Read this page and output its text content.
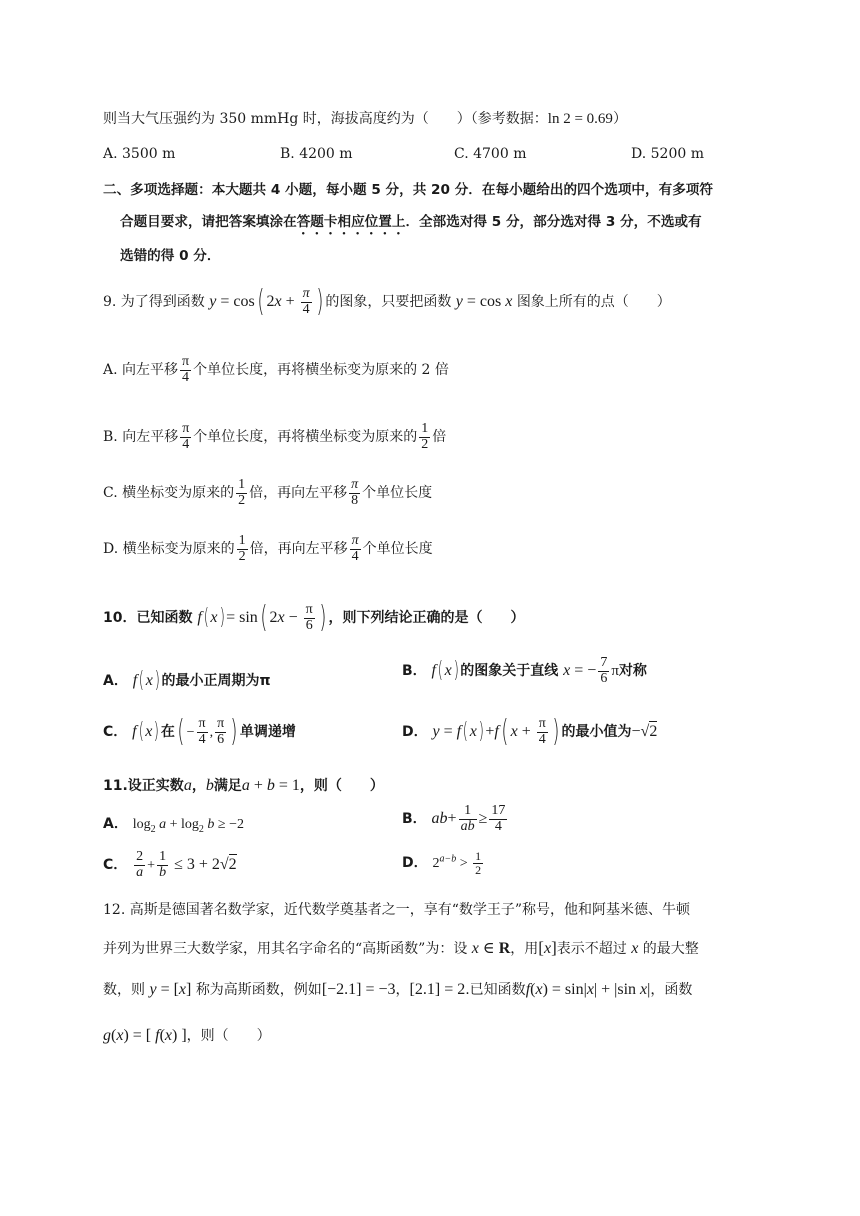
则当大气压强约为 350 mmHg 时，海拔高度约为（　　）（参考数据：ln 2 = 0.69）
A. 3500 m	B. 4200 m	C. 4700 m	D. 5200 m
二、多项选择题：本大题共 4 小题，每小题 5 分，共 20 分．在每小题给出的四个选项中，有多项符
合题目要求，请把答案填涂在答题卡相应位置上．全部选对得 5 分，部分选对得 3 分，不选或有
选错的得 0 分．
9. 为了得到函数 y = cos( $2x + \frac{\pi}{4}$ ) 的图象，只要把函数 y = cos x 图象上所有的点（　　）
A. 向左平移 $\frac{\pi}{4}$ 个单位长度，再将横坐标变为原来的 2 倍
B. 向左平移 $\frac{\pi}{4}$ 个单位长度，再将横坐标变为原来的 $\frac{1}{2}$ 倍
C. 横坐标变为原来的 $\frac{1}{2}$ 倍，再向左平移 $\frac{\pi}{8}$ 个单位长度
D. 横坐标变为原来的 $\frac{1}{2}$ 倍，再向左平移 $\frac{\pi}{4}$ 个单位长度
10．已知函数 f( x) = sin( $2x - \frac{\pi}{6}$ ) ，则下列结论正确的是（　　）
A． f( x) 的最小正周期为π
B． f( x) 的图象关于直线 x = − $\frac{7}{6}$ π对称
C． f( x) 在( − $\frac{\pi}{4}$ , $\frac{\pi}{6}$ ) 单调递增	D． y = f( x) +f( $x + \frac{\pi}{4}$ ) 的最小值为−√2
11.设正实数a，b满足a + b = 1，则（　　）
A． $\log_2 a + \log_2 b \ge -2$	B． $ab+ \frac{1}{ab} \ge \frac{17}{4}$
C． $\frac{2}{a} + \frac{1}{b} \le 3 + 2√2$	D． $2^{a-b} > \frac{1}{2}$
12. 高斯是德国著名数学家，近代数学奠基者之一，享有“数学王子”称号，他和阿基米德、牛顿
并列为世界三大数学家，用其名字命名的“高斯函数”为：设 x ∈ R，用[x]表示不超过 x 的最大整
数，则 y = [x] 称为高斯函数，例如[−2.1] = −3，[2.1] = 2.已知函数f(x) = sin|x| + |sin x|，函数
g(x) = [ f(x) ]，则（　　）
